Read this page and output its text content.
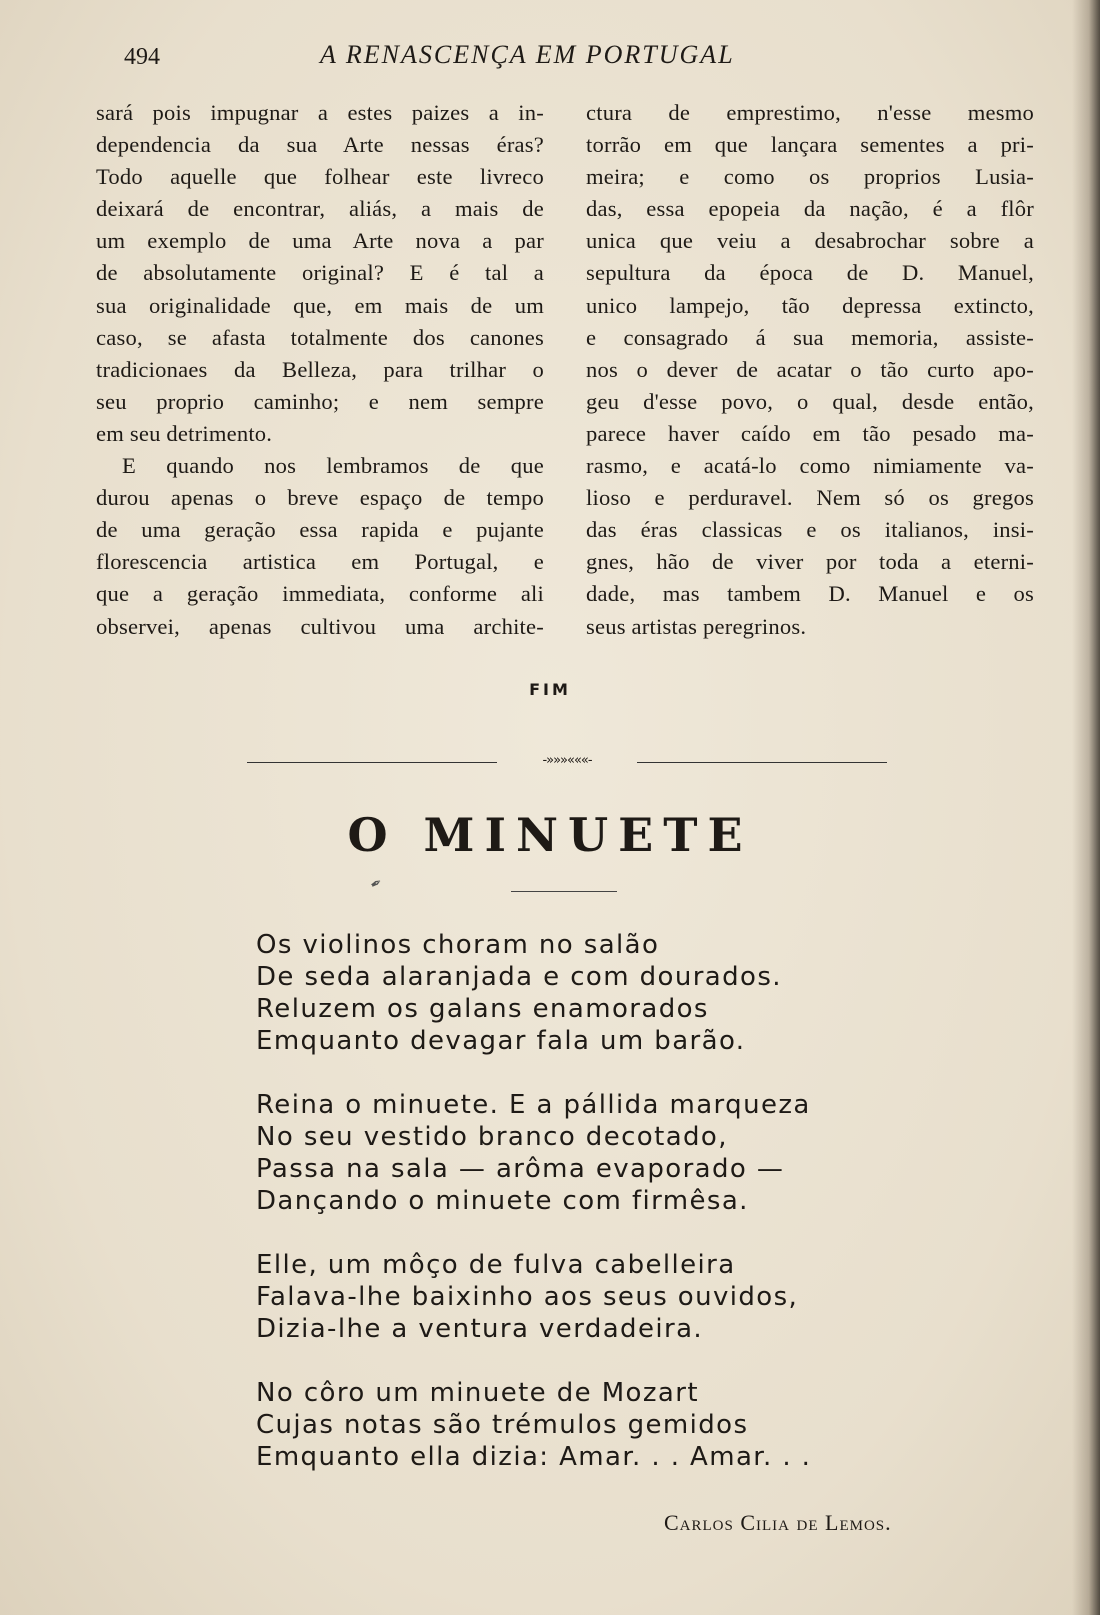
494	A RENASCENÇA EM PORTUGAL
sará pois impugnar a estes paizes a in-
dependencia da sua Arte nessas éras?
Todo aquelle que folhear este livreco
deixará de encontrar, aliás, a mais de
um exemplo de uma Arte nova a par
de absolutamente original? E é tal a
sua originalidade que, em mais de um
caso, se afasta totalmente dos canones
tradicionaes da Belleza, para trilhar o
seu proprio caminho; e nem sempre
em seu detrimento.
E quando nos lembramos de que
durou apenas o breve espaço de tempo
de uma geração essa rapida e pujante
florescencia artistica em Portugal, e
que a geração immediata, conforme ali
observei, apenas cultivou uma archite-
ctura de emprestimo, n'esse mesmo
torrão em que lançara sementes a pri-
meira; e como os proprios Lusia-
das, essa epopeia da nação, é a flôr
unica que veiu a desabrochar sobre a
sepultura da época de D. Manuel,
unico lampejo, tão depressa extincto,
e consagrado á sua memoria, assiste-
nos o dever de acatar o tão curto apo-
geu d'esse povo, o qual, desde então,
parece haver caído em tão pesado ma-
rasmo, e acatá-lo como nimiamente va-
lioso e perduravel. Nem só os gregos
das éras classicas e os italianos, insi-
gnes, hão de viver por toda a eterni-
dade, mas tambem D. Manuel e os
seus artistas peregrinos.
FIM
-»»»«««-
O MINUETE
✒
Os violinos choram no salão
De seda alaranjada e com dourados.
Reluzem os galans enamorados
Emquanto devagar fala um barão.
Reina o minuete. E a pállida marqueza
No seu vestido branco decotado,
Passa na sala — arôma evaporado —
Dançando o minuete com firmêsa.
Elle, um môço de fulva cabelleira
Falava-lhe baixinho aos seus ouvidos,
Dizia-lhe a ventura verdadeira.
No côro um minuete de Mozart
Cujas notas são trémulos gemidos
Emquanto ella dizia: Amar. . . Amar. . .
Carlos Cilia de Lemos.
